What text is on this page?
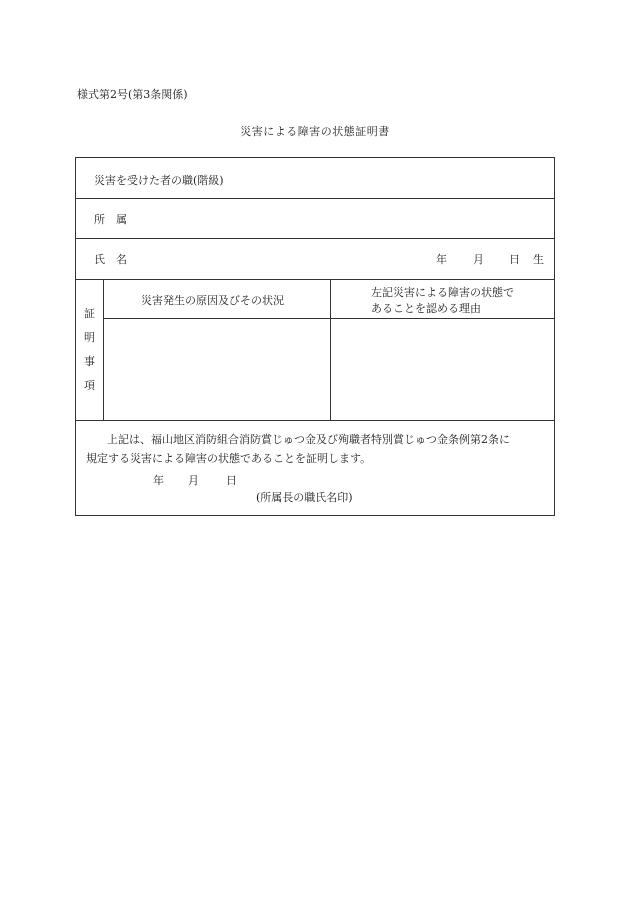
様式第2号(第3条関係)
災害による障害の状態証明書
災害を受けた者の職(階級)
所　属
氏　名	年 月 日 生
証
明
事
項
災害発生の原因及びその状況
左記災害による障害の状態で
あることを認める理由
上記は、福山地区消防組合消防賞じゅつ金及び殉職者特別賞じゅつ金条例第2条に
規定する災害による障害の状態であることを証明します。
年 月 日
(所属長の職氏名印)
